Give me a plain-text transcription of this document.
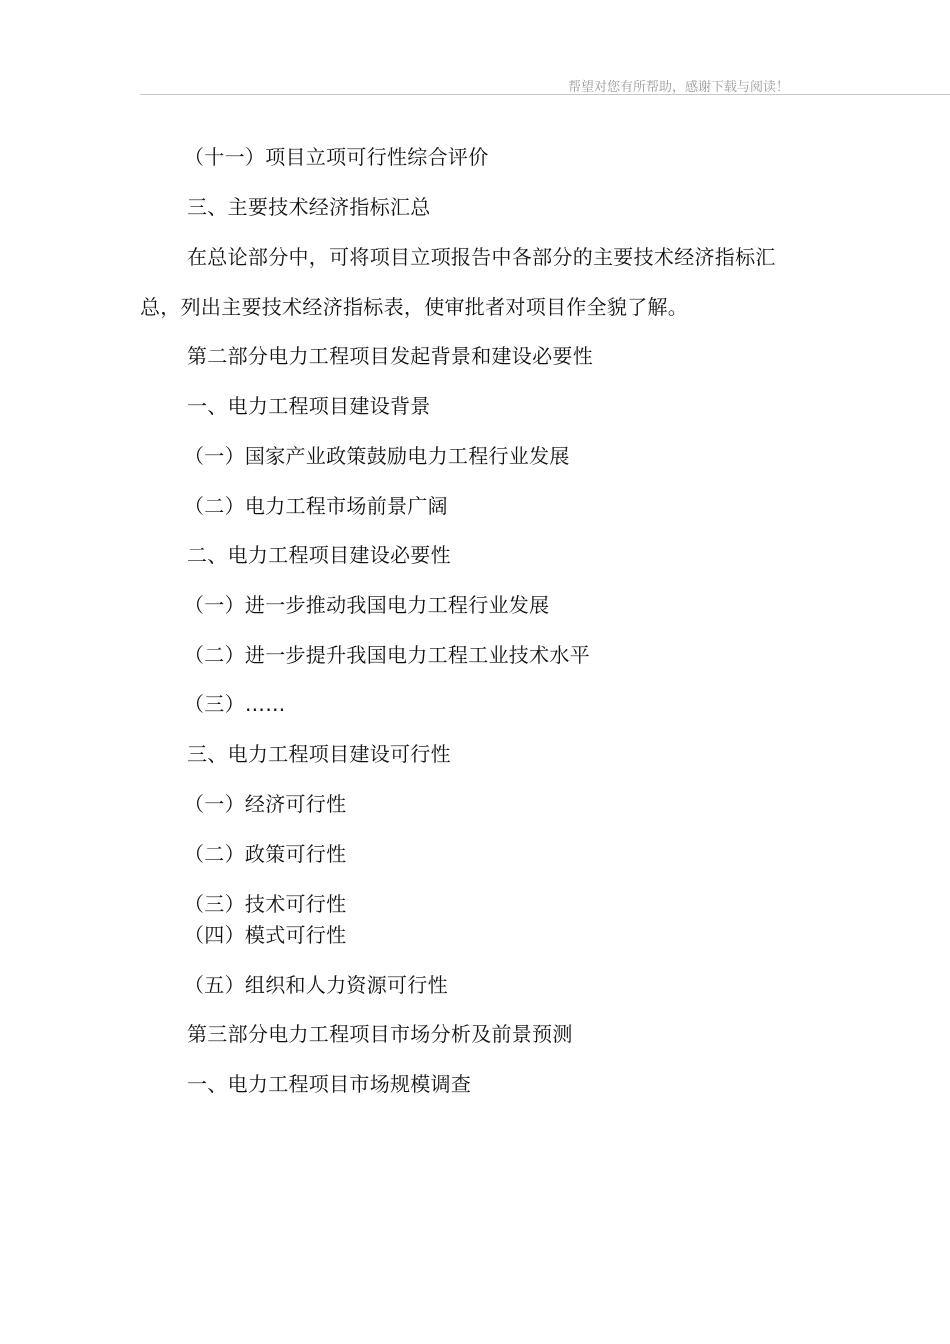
帮望对您有所帮助，感谢下载与阅读！
（十一）项目立项可行性综合评价
三、主要技术经济指标汇总
在总论部分中，可将项目立项报告中各部分的主要技术经济指标汇
总，列出主要技术经济指标表，使审批者对项目作全貌了解。
第二部分电力工程项目发起背景和建设必要性
一、电力工程项目建设背景
（一）国家产业政策鼓励电力工程行业发展
（二）电力工程市场前景广阔
二、电力工程项目建设必要性
（一）进一步推动我国电力工程行业发展
（二）进一步提升我国电力工程工业技术水平
（三）……
三、电力工程项目建设可行性
（一）经济可行性
（二）政策可行性
（三）技术可行性
（四）模式可行性
（五）组织和人力资源可行性
第三部分电力工程项目市场分析及前景预测
一、电力工程项目市场规模调查
